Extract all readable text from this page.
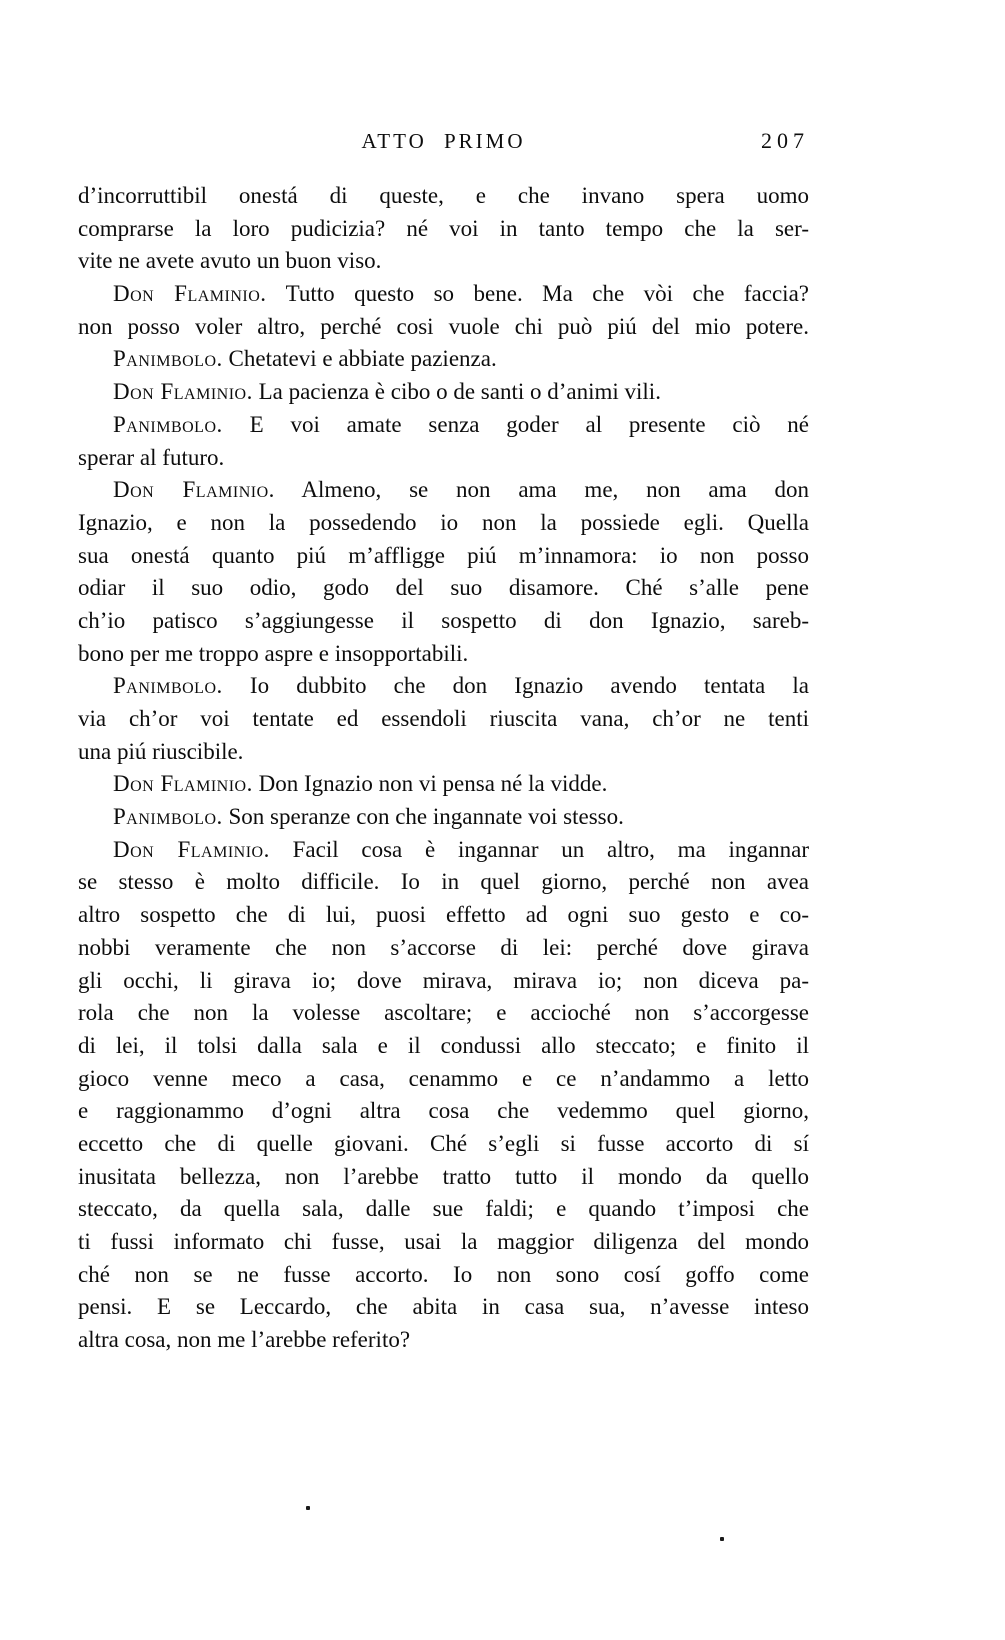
ATTO PRIMO	207
d’incorruttibil onestá di queste, e che invano spera uomo
comprarse la loro pudicizia? né voi in tanto tempo che la ser-
vite ne avete avuto un buon viso.
Don Flaminio. Tutto questo so bene. Ma che vòi che faccia?
non posso voler altro, perché cosi vuole chi può piú del mio potere.
Panimbolo. Chetatevi e abbiate pazienza.
Don Flaminio. La pacienza è cibo o de santi o d’animi vili.
Panimbolo. E voi amate senza goder al presente ciò né
sperar al futuro.
Don Flaminio. Almeno, se non ama me, non ama don
Ignazio, e non la possedendo io non la possiede egli. Quella
sua onestá quanto piú m’affligge piú m’innamora: io non posso
odiar il suo odio, godo del suo disamore. Ché s’alle pene
ch’io patisco s’aggiungesse il sospetto di don Ignazio, sareb-
bono per me troppo aspre e insopportabili.
Panimbolo. Io dubbito che don Ignazio avendo tentata la
via ch’or voi tentate ed essendoli riuscita vana, ch’or ne tenti
una piú riuscibile.
Don Flaminio. Don Ignazio non vi pensa né la vidde.
Panimbolo. Son speranze con che ingannate voi stesso.
Don Flaminio. Facil cosa è ingannar un altro, ma ingannar
se stesso è molto difficile. Io in quel giorno, perché non avea
altro sospetto che di lui, puosi effetto ad ogni suo gesto e co-
nobbi veramente che non s’accorse di lei: perché dove girava
gli occhi, li girava io; dove mirava, mirava io; non diceva pa-
rola che non la volesse ascoltare; e accioché non s’accorgesse
di lei, il tolsi dalla sala e il condussi allo steccato; e finito il
gioco venne meco a casa, cenammo e ce n’andammo a letto
e raggionammo d’ogni altra cosa che vedemmo quel giorno,
eccetto che di quelle giovani. Ché s’egli si fusse accorto di sí
inusitata bellezza, non l’arebbe tratto tutto il mondo da quello
steccato, da quella sala, dalle sue faldi; e quando t’imposi che
ti fussi informato chi fusse, usai la maggior diligenza del mondo
ché non se ne fusse accorto. Io non sono cosí goffo come
pensi. E se Leccardo, che abita in casa sua, n’avesse inteso
altra cosa, non me l’arebbe referito?
